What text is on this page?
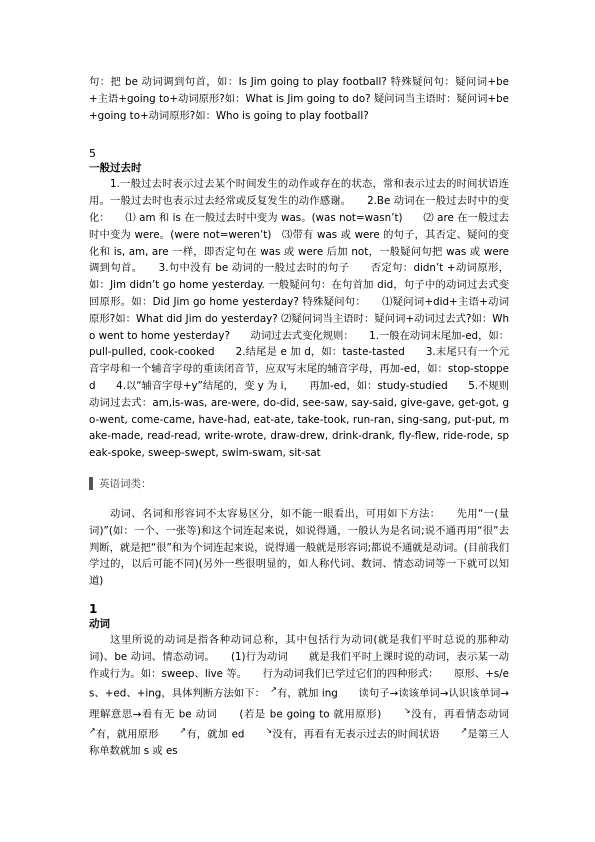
句：把 be 动词调到句首，如：Is Jim going to play football? 特殊疑问句：疑问词+be+主语+going to+动词原形?如：What is Jim going to do? 疑问词当主语时：疑问词+be+going to+动词原形?如：Who is going to play football?

5

一般过去时

1.一般过去时表示过去某个时间发生的动作或存在的状态，常和表示过去的时间状语连用。一般过去时也表示过去经常或反复发生的动作感谢。　　2.Be 动词在一般过去时中的变化：　　⑴ am 和 is 在一般过去时中变为 was。(was not=wasn’t)　　⑵ are 在一般过去时中变为 were。(were not=weren’t)　⑶带有 was 或 were 的句子，其否定、疑问的变化和 is, am, are 一样，即否定句在 was 或 were 后加 not，一般疑问句把 was 或 were 调到句首。　　3.句中没有 be 动词的一般过去时的句子　　否定句：didn’t +动词原形，如：Jim didn’t go home yesterday. 一般疑问句：在句首加 did，句子中的动词过去式变回原形。如：Did Jim go home yesterday? 特殊疑问句：　　⑴疑问词+did+主语+动词原形?如：What did Jim do yesterday? ⑵疑问词当主语时：疑问词+动词过去式?如：Who went to home yesterday?　　动词过去式变化规则：　　1.一般在动词末尾加-ed，如：pull-pulled, cook-cooked　　2.结尾是 e 加 d，如：taste-tasted　　3.末尾只有一个元音字母和一个辅音字母的重读闭音节，应双写末尾的辅音字母，再加-ed，如：stop-stopped　　4.以“辅音字母+y”结尾的，变 y 为 i，　　再加-ed，如：study-studied　　5.不规则动词过去式：am,is-was, are-were, do-did, see-saw, say-said, give-gave, get-got, go-went, come-came, have-had, eat-ate, take-took, run-ran, sing-sang, put-put, make-made, read-read, write-wrote, draw-drew, drink-drank, fly-flew, ride-rode, speak-spoke, sweep-swept, swim-swam, sit-sat

英语词类：

动词、名词和形容词不太容易区分，如不能一眼看出，可用如下方法：　　先用“一(量词)”(如：一个、一张等)和这个词连起来说，如说得通，一般认为是名词;说不通再用“很”去判断，就是把“很”和为个词连起来说，说得通一般就是形容词;都说不通就是动词。(目前我们学过的，以后可能不同)(另外一些很明显的，如人称代词、数词、情态动词等一下就可以知道)

1

动词

这里所说的动词是指各种动词总称，其中包括行为动词(就是我们平时总说的那种动词)、be 动词、情态动词。　　(1)行为动词　　就是我们平时上课时说的动词，表示某一动作或行为。如：sweep、live 等。　　行为动词我们已学过它们的四种形式：　　原形、+s/es、+ed、+ing，具体判断方法如下：　↗有，就加 ing　　读句子→读该单词→认识该单词→理解意思→看有无 be 动词　　(若是 be going to 就用原形)　　↘没有，再看情态动词　　↗有，就用原形　　↗有，就加 ed　　↘没有，再看有无表示过去的时间状语　　↗是第三人称单数就加 s 或 es
